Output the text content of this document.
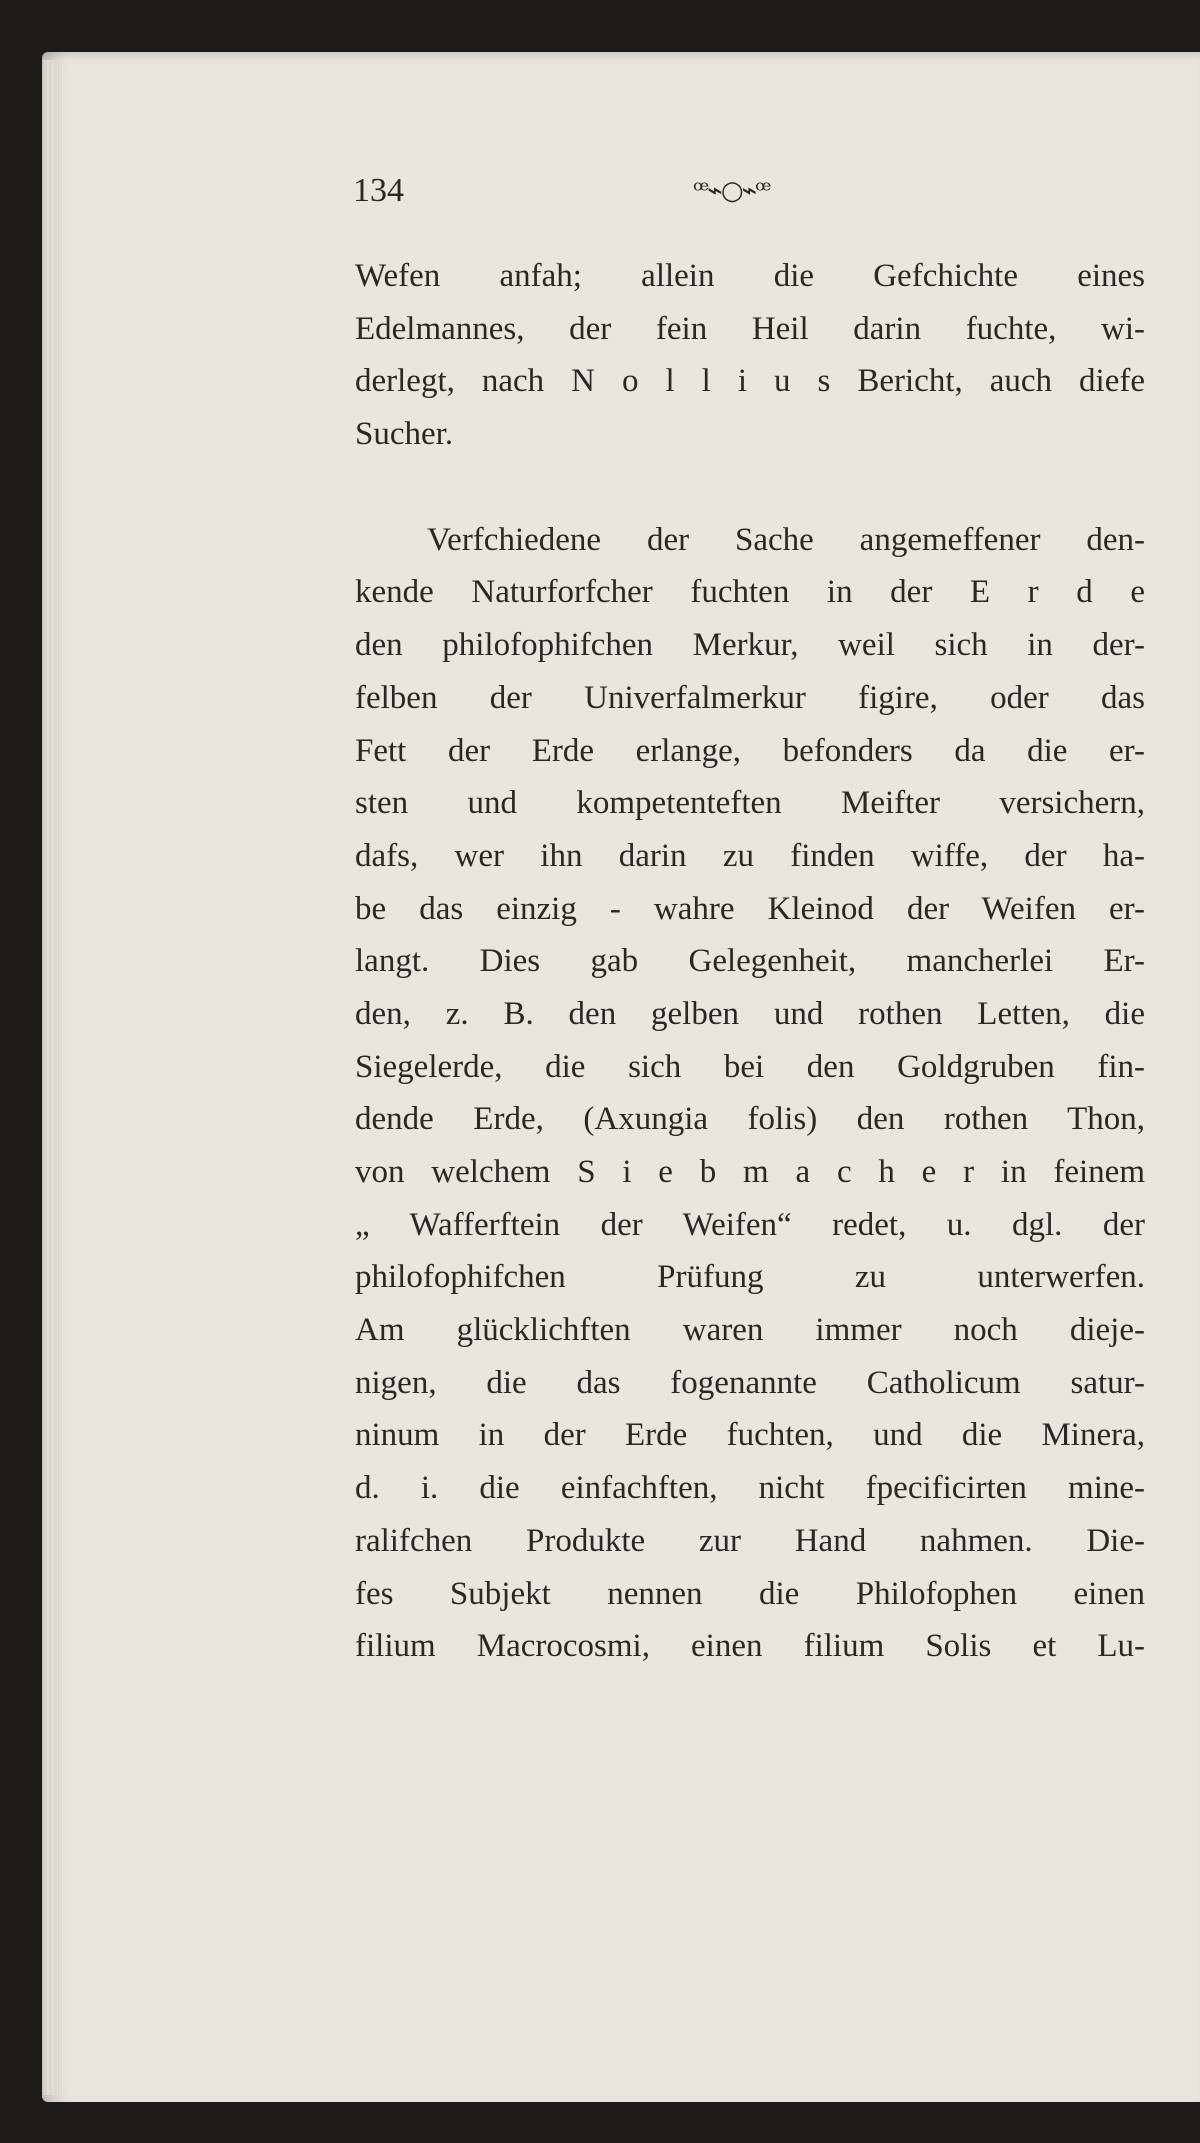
134	ꟹ⌁○⌁ꟹ
Wefen anfah; allein die Gefchichte eines
Edelmannes, der fein Heil darin fuchte, wi-
derlegt, nach N o l l i u s Bericht, auch diefe
Sucher.
Verfchiedene der Sache angemeffener den-
kende Naturforfcher fuchten in der E r d e
den philofophifchen Merkur, weil sich in der-
felben der Univerfalmerkur figire, oder das
Fett der Erde erlange, befonders da die er-
sten und kompetenteften Meifter versichern,
dafs, wer ihn darin zu finden wiffe, der ha-
be das einzig - wahre Kleinod der Weifen er-
langt. Dies gab Gelegenheit, mancherlei Er-
den, z. B. den gelben und rothen Letten, die
Siegelerde, die sich bei den Goldgruben fin-
dende Erde, (Axungia folis) den rothen Thon,
von welchem S i e b m a c h e r in feinem
„ Wafferftein der Weifen“ redet, u. dgl. der
philofophifchen Prüfung zu unterwerfen.
Am glücklichften waren immer noch dieje-
nigen, die das fogenannte Catholicum satur-
ninum in der Erde fuchten, und die Minera,
d. i. die einfachften, nicht fpecificirten mine-
ralifchen Produkte zur Hand nahmen. Die-
fes Subjekt nennen die Philofophen einen
filium Macrocosmi, einen filium Solis et Lu-
